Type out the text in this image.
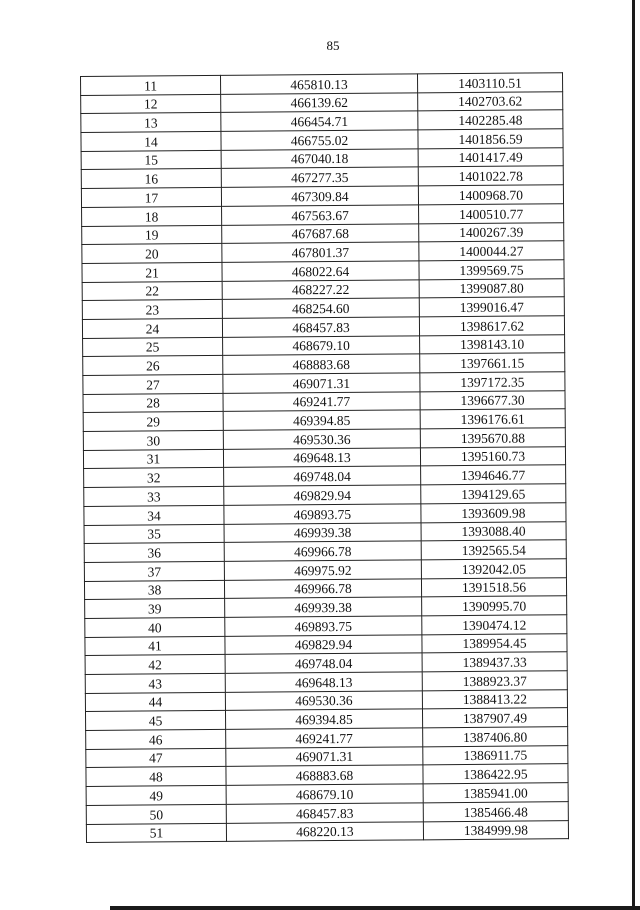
85
11	465810.13	1403110.51
12	466139.62	1402703.62
13	466454.71	1402285.48
14	466755.02	1401856.59
15	467040.18	1401417.49
16	467277.35	1401022.78
17	467309.84	1400968.70
18	467563.67	1400510.77
19	467687.68	1400267.39
20	467801.37	1400044.27
21	468022.64	1399569.75
22	468227.22	1399087.80
23	468254.60	1399016.47
24	468457.83	1398617.62
25	468679.10	1398143.10
26	468883.68	1397661.15
27	469071.31	1397172.35
28	469241.77	1396677.30
29	469394.85	1396176.61
30	469530.36	1395670.88
31	469648.13	1395160.73
32	469748.04	1394646.77
33	469829.94	1394129.65
34	469893.75	1393609.98
35	469939.38	1393088.40
36	469966.78	1392565.54
37	469975.92	1392042.05
38	469966.78	1391518.56
39	469939.38	1390995.70
40	469893.75	1390474.12
41	469829.94	1389954.45
42	469748.04	1389437.33
43	469648.13	1388923.37
44	469530.36	1388413.22
45	469394.85	1387907.49
46	469241.77	1387406.80
47	469071.31	1386911.75
48	468883.68	1386422.95
49	468679.10	1385941.00
50	468457.83	1385466.48
51	468220.13	1384999.98
